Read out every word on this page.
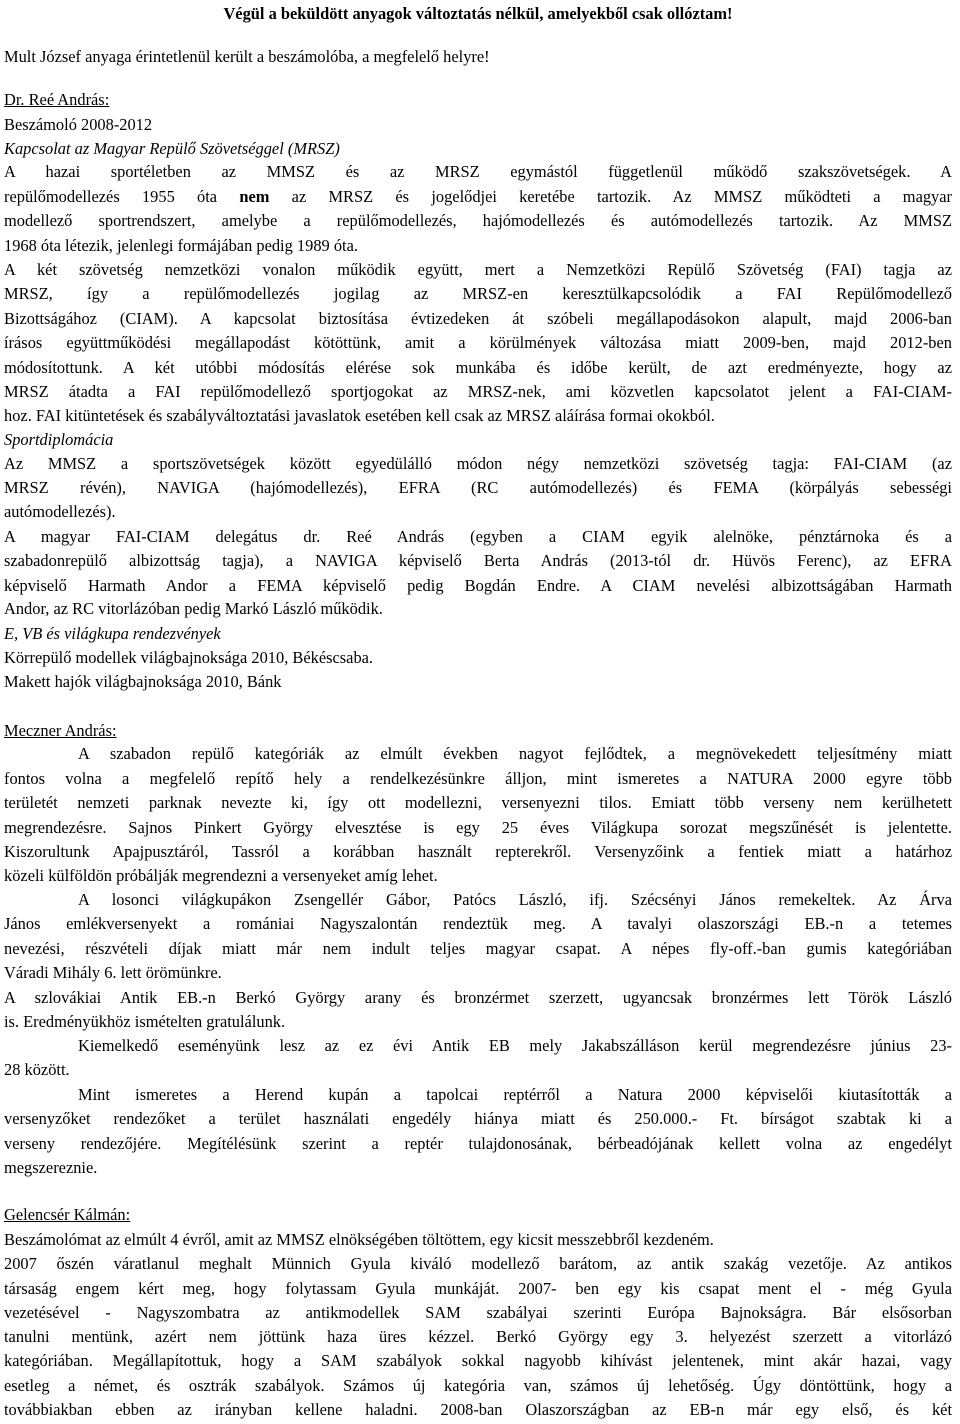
Végül a beküldött anyagok változtatás nélkül, amelyekből csak ollóztam!
Mult József anyaga érintetlenül került a beszámolóba, a megfelelő helyre!
Dr. Reé András:
Beszámoló 2008-2012
Kapcsolat az Magyar Repülő Szövetséggel (MRSZ)
A hazai sportéletben az MMSZ és az MRSZ egymástól függetlenül működő szakszövetségek. A
repülőmodellezés 1955 óta nem az MRSZ és jogelődjei keretébe tartozik. Az MMSZ működteti a magyar
modellező sportrendszert, amelybe a repülőmodellezés, hajómodellezés és autómodellezés tartozik. Az MMSZ
1968 óta létezik, jelenlegi formájában pedig 1989 óta.
A két szövetség nemzetközi vonalon működik együtt, mert a Nemzetközi Repülő Szövetség (FAI) tagja az
MRSZ, így a repülőmodellezés jogilag az MRSZ-en keresztülkapcsolódik a FAI Repülőmodellező
Bizottságához (CIAM). A kapcsolat biztosítása évtizedeken át szóbeli megállapodásokon alapult, majd 2006-ban
írásos együttműködési megállapodást kötöttünk, amit a körülmények változása miatt 2009-ben, majd 2012-ben
módosítottunk. A két utóbbi módosítás elérése sok munkába és időbe került, de azt eredményezte, hogy az
MRSZ átadta a FAI repülőmodellező sportjogokat az MRSZ-nek, ami közvetlen kapcsolatot jelent a FAI-CIAM-
hoz. FAI kitüntetések és szabályváltoztatási javaslatok esetében kell csak az MRSZ aláírása formai okokból.
Sportdiplomácia
Az MMSZ a sportszövetségek között egyedülálló módon négy nemzetközi szövetség tagja: FAI-CIAM (az
MRSZ révén), NAVIGA (hajómodellezés), EFRA (RC autómodellezés) és FEMA (körpályás sebességi
autómodellezés).
A magyar FAI-CIAM delegátus dr. Reé András (egyben a CIAM egyik alelnöke, pénztárnoka és a
szabadonrepülő albizottság tagja), a NAVIGA képviselő Berta András (2013-tól dr. Hüvös Ferenc), az EFRA
képviselő Harmath Andor a FEMA képviselő pedig Bogdán Endre. A CIAM nevelési albizottságában Harmath
Andor, az RC vitorlázóban pedig Markó László működik.
E, VB és világkupa rendezvények
Körrepülő modellek világbajnoksága 2010, Békéscsaba.
Makett hajók világbajnoksága 2010, Bánk
Meczner András:
A szabadon repülő kategóriák az elmúlt években nagyot fejlődtek, a megnövekedett teljesítmény miatt
fontos volna a megfelelő repítő hely a rendelkezésünkre álljon, mint ismeretes a NATURA 2000 egyre több
területét nemzeti parknak nevezte ki, így ott modellezni, versenyezni tilos. Emiatt több verseny nem kerülhetett
megrendezésre. Sajnos Pinkert György elvesztése is egy 25 éves Világkupa sorozat megszűnését is jelentette.
Kiszorultunk Apajpusztáról, Tassról a korábban használt repterekről. Versenyzőink a fentiek miatt a határhoz
közeli külföldön próbálják megrendezni a versenyeket amíg lehet.
A losonci világkupákon Zsengellér Gábor, Patócs László, ifj. Szécsényi János remekeltek. Az Árva
János emlékversenyekt a romániai Nagyszalontán rendeztük meg. A tavalyi olaszországi EB.-n a tetemes
nevezési, részvételi díjak miatt már nem indult teljes magyar csapat. A népes fly-off.-ban gumis kategóriában
Váradi Mihály 6. lett örömünkre.
A szlovákiai Antik EB.-n Berkó György arany és bronzérmet szerzett, ugyancsak bronzérmes lett Török László
is. Eredményükhöz ismételten gratulálunk.
Kiemelkedő eseményünk lesz az ez évi Antik EB mely Jakabszálláson kerül megrendezésre június 23-
28 között.
Mint ismeretes a Herend kupán a tapolcai reptérről a Natura 2000 képviselői kiutasították a
versenyzőket rendezőket a terület használati engedély hiánya miatt és 250.000.- Ft. bírságot szabtak ki a
verseny rendezőjére. Megítélésünk szerint a reptér tulajdonosának, bérbeadójának kellett volna az engedélyt
megszereznie.
Gelencsér Kálmán:
Beszámolómat az elmúlt 4 évről, amit az MMSZ elnökségében töltöttem, egy kicsit messzebbről kezdeném.
2007 őszén váratlanul meghalt Münnich Gyula kiváló modellező barátom, az antik szakág vezetője. Az antikos
társaság engem kért meg, hogy folytassam Gyula munkáját. 2007- ben egy kis csapat ment el - még Gyula
vezetésével - Nagyszombatra az antikmodellek SAM szabályai szerinti Európa Bajnokságra. Bár elsősorban
tanulni mentünk, azért nem jöttünk haza üres kézzel. Berkó György egy 3. helyezést szerzett a vitorlázó
kategóriában. Megállapítottuk, hogy a SAM szabályok sokkal nagyobb kihívást jelentenek, mint akár hazai, vagy
esetleg a német, és osztrák szabályok. Számos új kategória van, számos új lehetőség. Úgy döntöttünk, hogy a
továbbiakban ebben az irányban kellene haladni. 2008-ban Olaszországban az EB-n már egy első, és két
